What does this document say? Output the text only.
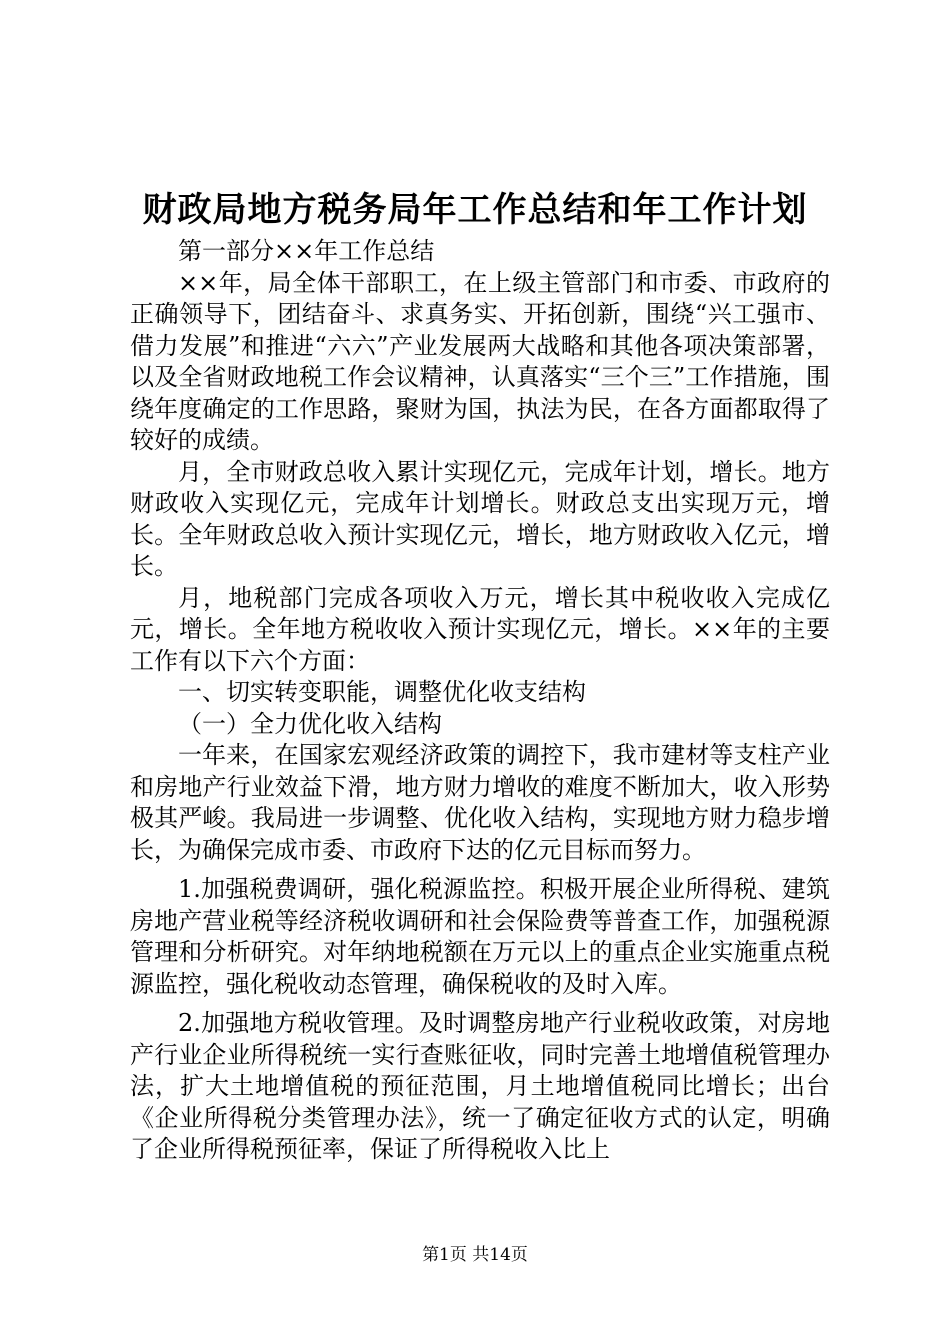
财政局地方税务局年工作总结和年工作计划

第一部分××年工作总结

××年，局全体干部职工，在上级主管部门和市委、市政府的正确领导下，团结奋斗、求真务实、开拓创新，围绕“兴工强市、借力发展”和推进“六六”产业发展两大战略和其他各项决策部署，以及全省财政地税工作会议精神，认真落实“三个三”工作措施，围绕年度确定的工作思路，聚财为国，执法为民，在各方面都取得了较好的成绩。

月，全市财政总收入累计实现亿元，完成年计划，增长。地方财政收入实现亿元，完成年计划增长。财政总支出实现万元，增长。全年财政总收入预计实现亿元，增长，地方财政收入亿元，增长。

月，地税部门完成各项收入万元，增长其中税收收入完成亿元，增长。全年地方税收收入预计实现亿元，增长。××年的主要工作有以下六个方面：

一、切实转变职能，调整优化收支结构

（一）全力优化收入结构

一年来，在国家宏观经济政策的调控下，我市建材等支柱产业和房地产行业效益下滑，地方财力增收的难度不断加大，收入形势极其严峻。我局进一步调整、优化收入结构，实现地方财力稳步增长，为确保完成市委、市政府下达的亿元目标而努力。

1.加强税费调研，强化税源监控。积极开展企业所得税、建筑房地产营业税等经济税收调研和社会保险费等普查工作，加强税源管理和分析研究。对年纳地税额在万元以上的重点企业实施重点税源监控，强化税收动态管理，确保税收的及时入库。

2.加强地方税收管理。及时调整房地产行业税收政策，对房地产行业企业所得税统一实行查账征收，同时完善土地增值税管理办法，扩大土地增值税的预征范围，月土地增值税同比增长；出台《企业所得税分类管理办法》，统一了确定征收方式的认定，明确了企业所得税预征率，保证了所得税收入比上

第1页 共14页
